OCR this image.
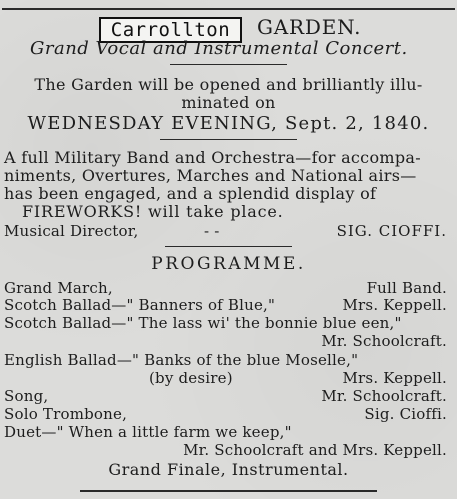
Carrollton	GARDEN.
Grand Vocal and Instrumental Concert.
The Garden will be opened and brilliantly illu-
minated on
WEDNESDAY EVENING, Sept. 2, 1840.
A full Military Band and Orchestra—for accompa-
niments, Overtures, Marches and National airs—
has been engaged, and a splendid display of
FIREWORKS! will take place.
Musical Director,	- -	SIG. CIOFFI.
PROGRAMME.
Grand March,	Full Band.
Scotch Ballad—" Banners of Blue,"	Mrs. Keppell.
Scotch Ballad—" The lass wi' the bonnie blue een,"
Mr. Schoolcraft.
English Ballad—" Banks of the blue Moselle,"
(by desire)	Mrs. Keppell.
Song,	Mr. Schoolcraft.
Solo Trombone,	Sig. Cioffi.
Duet—" When a little farm we keep,"
Mr. Schoolcraft and Mrs. Keppell.
Grand Finale, Instrumental.
